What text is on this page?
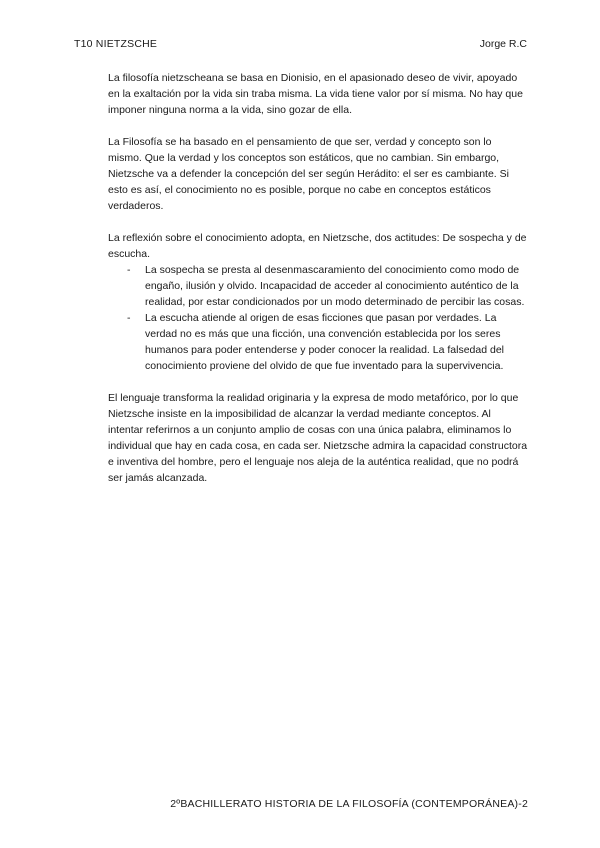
T10 NIETZSCHE	Jorge R.C

La filosofía nietzscheana se basa en Dionisio, en el apasionado deseo de vivir, apoyado en la exaltación por la vida sin traba misma. La vida tiene valor por sí misma. No hay que imponer ninguna norma a la vida, sino gozar de ella.

La Filosofía se ha basado en el pensamiento de que ser, verdad y concepto son lo mismo. Que la verdad y los conceptos son estáticos, que no cambian. Sin embargo, Nietzsche va a defender la concepción del ser según Herádito: el ser es cambiante. Si esto es así, el conocimiento no es posible, porque no cabe en conceptos estáticos verdaderos.

La reflexión sobre el conocimiento adopta, en Nietzsche, dos actitudes: De sospecha y de escucha.

- La sospecha se presta al desenmascaramiento del conocimiento como modo de engaño, ilusión y olvido. Incapacidad de acceder al conocimiento auténtico de la realidad, por estar condicionados por un modo determinado de percibir las cosas.
- La escucha atiende al origen de esas ficciones que pasan por verdades. La verdad no es más que una ficción, una convención establecida por los seres humanos para poder entenderse y poder conocer la realidad. La falsedad del conocimiento proviene del olvido de que fue inventado para la supervivencia.

El lenguaje transforma la realidad originaria y la expresa de modo metafórico, por lo que Nietzsche insiste en la imposibilidad de alcanzar la verdad mediante conceptos. Al intentar referirnos a un conjunto amplio de cosas con una única palabra, eliminamos lo individual que hay en cada cosa, en cada ser. Nietzsche admira la capacidad constructora e inventiva del hombre, pero el lenguaje nos aleja de la auténtica realidad, que no podrá ser jamás alcanzada.

2ºBACHILLERATO HISTORIA DE LA FILOSOFÍA (CONTEMPORÁNEA)-2
